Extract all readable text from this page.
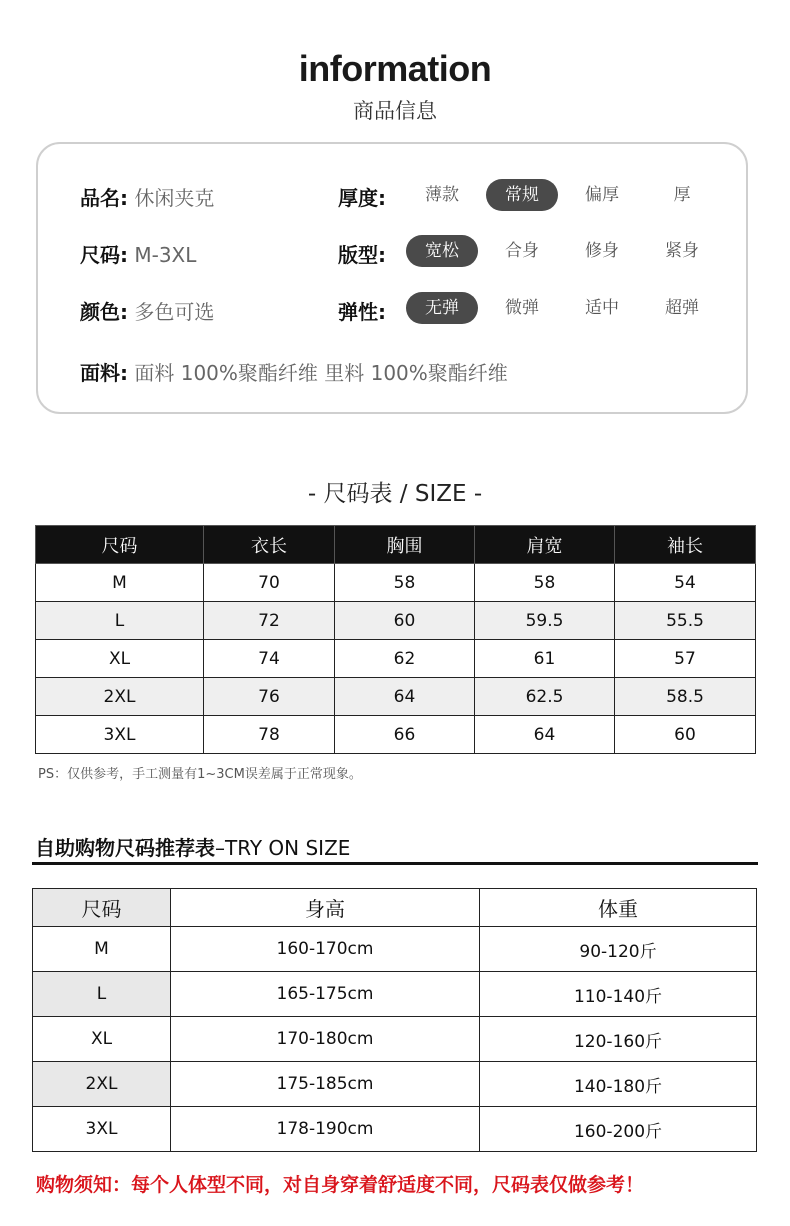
information
商品信息
品名: 休闲夹克
尺码: M-3XL
颜色: 多色可选
面料: 面料 100%聚酯纤维 里料 100%聚酯纤维
厚度:	薄款	常规	偏厚	厚
版型:	宽松	合身	修身	紧身
弹性:	无弹	微弹	适中	超弹
- 尺码表 / SIZE -
尺码	衣长	胸围	肩宽	袖长
M	70	58	58	54
L	72	60	59.5	55.5
XL	74	62	61	57
2XL	76	64	62.5	58.5
3XL	78	66	64	60
PS：仅供参考，手工测量有1~3CM误差属于正常现象。
自助购物尺码推荐表–TRY ON SIZE
尺码	身高	体重
M	160-170cm	90-120斤
L	165-175cm	110-140斤
XL	170-180cm	120-160斤
2XL	175-185cm	140-180斤
3XL	178-190cm	160-200斤
购物须知：每个人体型不同，对自身穿着舒适度不同，尺码表仅做参考！
